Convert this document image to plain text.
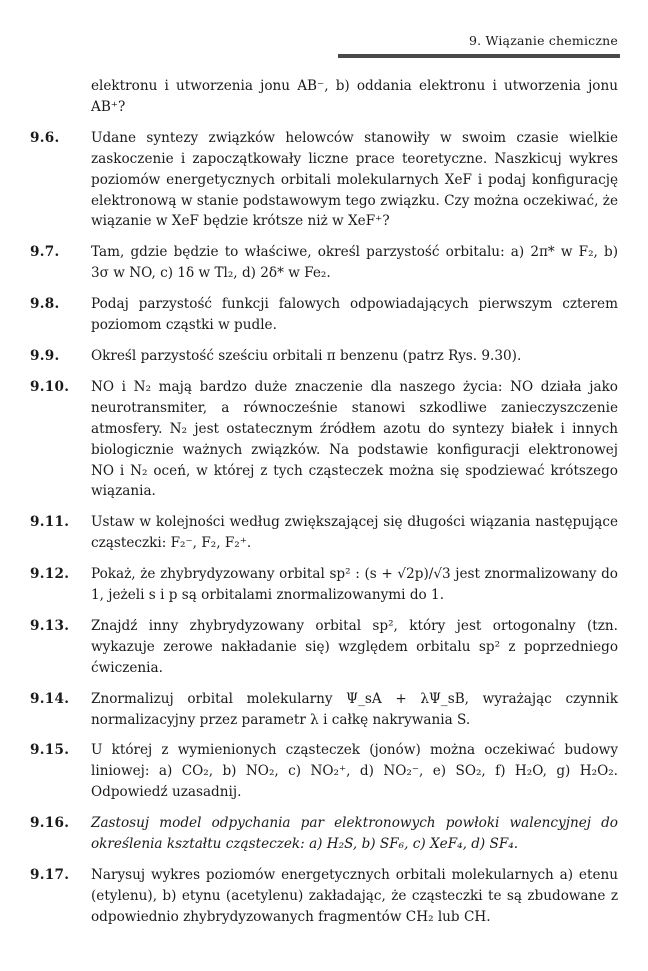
9. Wiązanie chemiczne
elektronu i utworzenia jonu AB⁻, b) oddania elektronu i utworzenia jonu AB⁺?
9.6. Udane syntezy związków helowców stanowiły w swoim czasie wielkie zaskoczenie i zapoczątkowały liczne prace teoretyczne. Naszkicuj wykres poziomów energetycznych orbitali molekularnych XeF i podaj konfigurację elektronową w stanie podstawowym tego związku. Czy można oczekiwać, że wiązanie w XeF będzie krótsze niż w XeF⁺?
9.7. Tam, gdzie będzie to właściwe, określ parzystość orbitalu: a) 2π* w F₂, b) 3σ w NO, c) 1δ w Tl₂, d) 2δ* w Fe₂.
9.8. Podaj parzystość funkcji falowych odpowiadających pierwszym czterem poziomom cząstki w pudle.
9.9. Określ parzystość sześciu orbitali π benzenu (patrz Rys. 9.30).
9.10. NO i N₂ mają bardzo duże znaczenie dla naszego życia: NO działa jako neurotransmiter, a równocześnie stanowi szkodliwe zanieczyszczenie atmosfery. N₂ jest ostatecznym źródłem azotu do syntezy białek i innych biologicznie ważnych związków. Na podstawie konfiguracji elektronowej NO i N₂ oceń, w której z tych cząsteczek można się spodziewać krótszego wiązania.
9.11. Ustaw w kolejności według zwiększającej się długości wiązania następujące cząsteczki: F₂⁻, F₂, F₂⁺.
9.12. Pokaż, że zhybrydyzowany orbital sp² : (s + √2p)/√3 jest znormalizowany do 1, jeżeli s i p są orbitalami znormalizowanymi do 1.
9.13. Znajdź inny zhybrydyzowany orbital sp², który jest ortogonalny (tzn. wykazuje zerowe nakładanie się) względem orbitalu sp² z poprzedniego ćwiczenia.
9.14. Znormalizuj orbital molekularny Ψ_sA + λΨ_sB, wyrażając czynnik normalizacyjny przez parametr λ i całkę nakrywania S.
9.15. U której z wymienionych cząsteczek (jonów) można oczekiwać budowy liniowej: a) CO₂, b) NO₂, c) NO₂⁺, d) NO₂⁻, e) SO₂, f) H₂O, g) H₂O₂. Odpowiedź uzasadnij.
9.16. Zastosuj model odpychania par elektronowych powłoki walencyjnej do określenia kształtu cząsteczek: a) H₂S, b) SF₆, c) XeF₄, d) SF₄.
9.17. Narysuj wykres poziomów energetycznych orbitali molekularnych a) etenu (etylenu), b) etynu (acetylenu) zakładając, że cząsteczki te są zbudowane z odpowiednio zhybrydyzowanych fragmentów CH₂ lub CH.
